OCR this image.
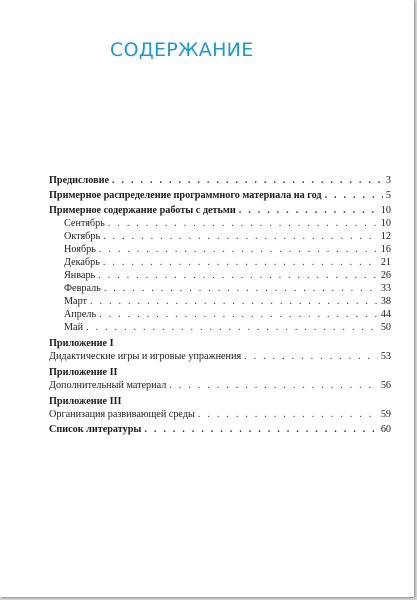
СОДЕРЖАНИЕ
Предисловие . . .	3
Примерное распределение программного материала на год . . .	5
Примерное содержание работы с детьми . . .	10
Сентябрь . . .	10
Октябрь . . .	12
Ноябрь . . .	16
Декабрь . . .	21
Январь . . .	26
Февраль . . .	33
Март . . .	38
Апрель . . .	44
Май . . .	50
Приложение I
Дидактические игры и игровые упражнения . . .	53
Приложение II
Дополнительный материал . . .	56
Приложение III
Организация развивающей среды . . .	59
Список литературы . . .	60
